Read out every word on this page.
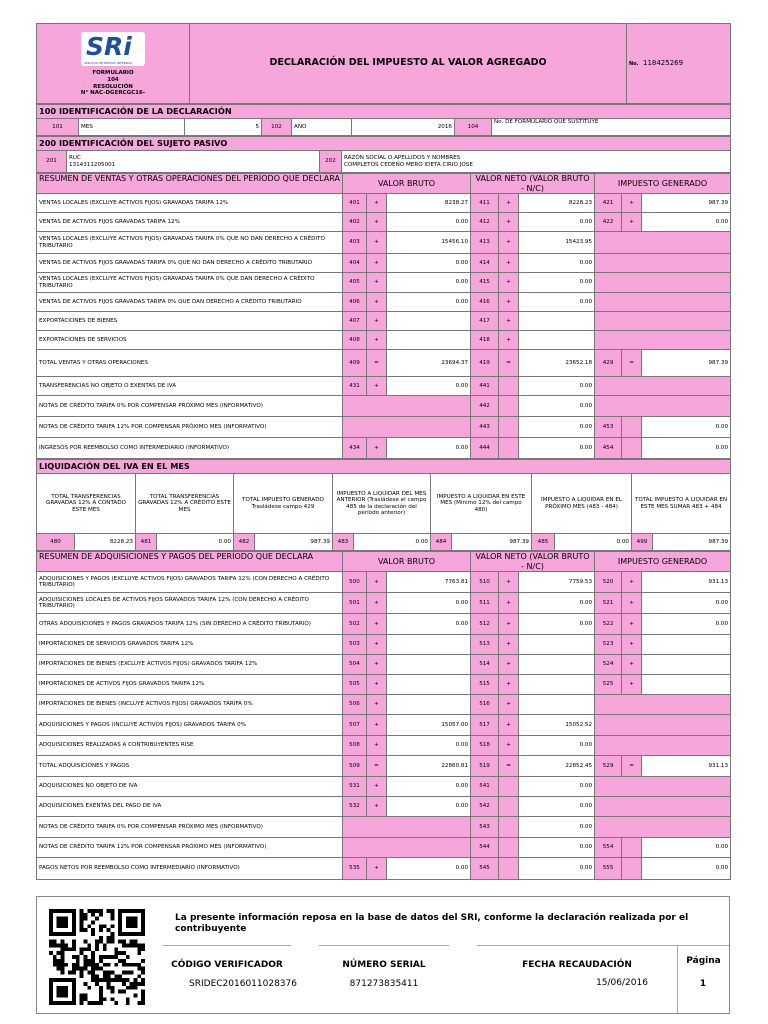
SRi
SERVICIO DE RENTAS INTERNAS
FORMULARIO
104
RESOLUCIÓN
N° NAC-DGERCGC16-
	DECLARACIÓN DEL IMPUESTO AL VALOR AGREGADO	No. 118425269
100 IDENTIFICACIÓN DE LA DECLARACIÓN
101	MES	5	102	AÑO	2016	104	No. DE FORMULARIO QUE SUSTITUYE
200 IDENTIFICACIÓN DEL SUJETO PASIVO
201	
RUC
1314311205001
	202	
RAZÓN SOCIAL O APELLIDOS Y NOMBRES
COMPLETOS CEDEÑO MERO IDETA CIRIO JOSE
RESUMEN DE VENTAS Y OTRAS OPERACIONES DEL PERÍODO QUE DECLARA	VALOR BRUTO			VALOR NETO (VALOR BRUTO - N/C)			IMPUESTO GENERADO		
VENTAS LOCALES (EXCLUYE ACTIVOS FIJOS) GRAVADAS TARIFA 12%	401	+	8238.27	411	+	8228.23	421	+	987.39
VENTAS DE ACTIVOS FIJOS GRAVADAS TARIFA 12%	402	+	0.00	412	+	0.00	422	+	0.00
VENTAS LOCALES (EXCLUYE ACTIVOS FIJOS) GRAVADAS TARIFA 0% QUE NO DAN DERECHO A CRÉDITO TRIBUTARIO	403	+	15456.10	413	+	15423.95			
VENTAS DE ACTIVOS FIJOS GRAVADAS TARIFA 0% QUE NO DAN DERECHO A CRÉDITO TRIBUTARIO	404	+	0.00	414	+	0.00			
VENTAS LOCALES (EXCLUYE ACTIVOS FIJOS) GRAVADAS TARIFA 0% QUE DAN DERECHO A CRÉDITO TRIBUTARIO	405	+	0.00	415	+	0.00			
VENTAS DE ACTIVOS FIJOS GRAVADAS TARIFA 0% QUE DAN DERECHO A CRÉDITO TRIBUTARIO	406	+	0.00	416	+	0.00			
EXPORTACIONES DE BIENES	407	+		417	+				
EXPORTACIONES DE SERVICIOS	408	+		418	+				
TOTAL VENTAS Y OTRAS OPERACIONES	409	=	23694.37	419	=	23652.18	429	=	987.39
TRANSFERENCIAS NO OBJETO O EXENTAS DE IVA	431	+	0.00	441		0.00			
NOTAS DE CRÉDITO TARIFA 0% POR COMPENSAR PRÓXIMO MES (INFORMATIVO)				442		0.00			
NOTAS DE CRÉDITO TARIFA 12% POR COMPENSAR PRÓXIMO MES (INFORMATIVO)				443		0.00	453		0.00
INGRESOS POR REEMBOLSO COMO INTERMEDIARIO (INFORMATIVO)	434	+	0.00	444		0.00	454		0.00
LIQUIDACIÓN DEL IVA EN EL MES													
TOTAL TRANSFERENCIAS GRAVADAS 12% A CONTADO ESTE MES		TOTAL TRANSFERENCIAS GRAVADAS 12% A CRÉDITO ESTE MES		TOTAL IMPUESTO GENERADO Trasládese campo 429		IMPUESTO A LIQUIDAR DEL MES ANTERIOR (Trasládese el campo 485 de la declaración del período anterior)		IMPUESTO A LIQUIDAR EN ESTE MES (Mínimo 12% del campo 480)		IMPUESTO A LIQUIDAR EN EL PRÓXIMO MES (483 - 484)		TOTAL IMPUESTO A LIQUIDAR EN ESTE MES SUMAR 483 + 484	
480	8228.23	481	0.00	482	987.39	483	0.00	484	987.39	485	0.00	499	987.39
RESUMEN DE ADQUISICIONES Y PAGOS DEL PERÍODO QUE DECLARA	VALOR BRUTO			VALOR NETO (VALOR BRUTO - N/C)			IMPUESTO GENERADO		
ADQUISICIONES Y PAGOS (EXCLUYE ACTIVOS FIJOS) GRAVADOS TARIFA 12% (CON DERECHO A CRÉDITO TRIBUTARIO)	500	+	7763.81	510	+	7759.53	520	+	931.13
ADQUISICIONES LOCALES DE ACTIVOS FIJOS GRAVADOS TARIFA 12% (CON DERECHO A CRÉDITO TRIBUTARIO)	501	+	0.00	511	+	0.00	521	+	0.00
OTRAS ADQUISICIONES Y PAGOS GRAVADOS TARIFA 12% (SIN DERECHO A CRÉDITO TRIBUTARIO)	502	+	0.00	512	+	0.00	522	+	0.00
IMPORTACIONES DE SERVICIOS GRAVADOS TARIFA 12%	503	+		513	+		523	+	
IMPORTACIONES DE BIENES (EXCLUYE ACTIVOS FIJOS) GRAVADOS TARIFA 12%	504	+		514	+		524	+	
IMPORTACIONES DE ACTIVOS FIJOS GRAVADOS TARIFA 12%	505	+		515	+		525	+	
IMPORTACIONES DE BIENES (INCLUYE ACTIVOS FIJOS) GRAVADOS TARIFA 0%	506	+		516	+				
ADQUISICIONES Y PAGOS (INCLUYE ACTIVOS FIJOS) GRAVADOS TARIFA 0%	507	+	15057.00	517	+	15052.52			
ADQUISICIONES REALIZADAS A CONTRIBUYENTES RISE	508	+	0.00	518	+	0.00			
TOTAL ADQUISICIONES Y PAGOS	509	=	22860.81	519	=	22852.45	529	=	931.13
ADQUISICIONES NO OBJETO DE IVA	531	+	0.00	541		0.00			
ADQUISICIONES EXENTAS DEL PAGO DE IVA	532	+	0.00	542		0.00			
NOTAS DE CRÉDITO TARIFA 0% POR COMPENSAR PRÓXIMO MES (INFORMATIVO)				543		0.00			
NOTAS DE CRÉDITO TARIFA 12% POR COMPENSAR PRÓXIMO MES (INFORMATIVO)				544		0.00	554		0.00
PAGOS NETOS POR REEMBOLSO COMO INTERMEDIARIO (INFORMATIVO)	535	+	0.00	545		0.00	555		0.00
La presente información reposa en la base de datos del SRI, conforme la declaración realizada por el contribuyente
CÓDIGO VERIFICADOR	NÚMERO SERIAL	FECHA RECAUDACIÓN	Página
SRIDEC2016011028376	871273835411	15/06/2016	1
